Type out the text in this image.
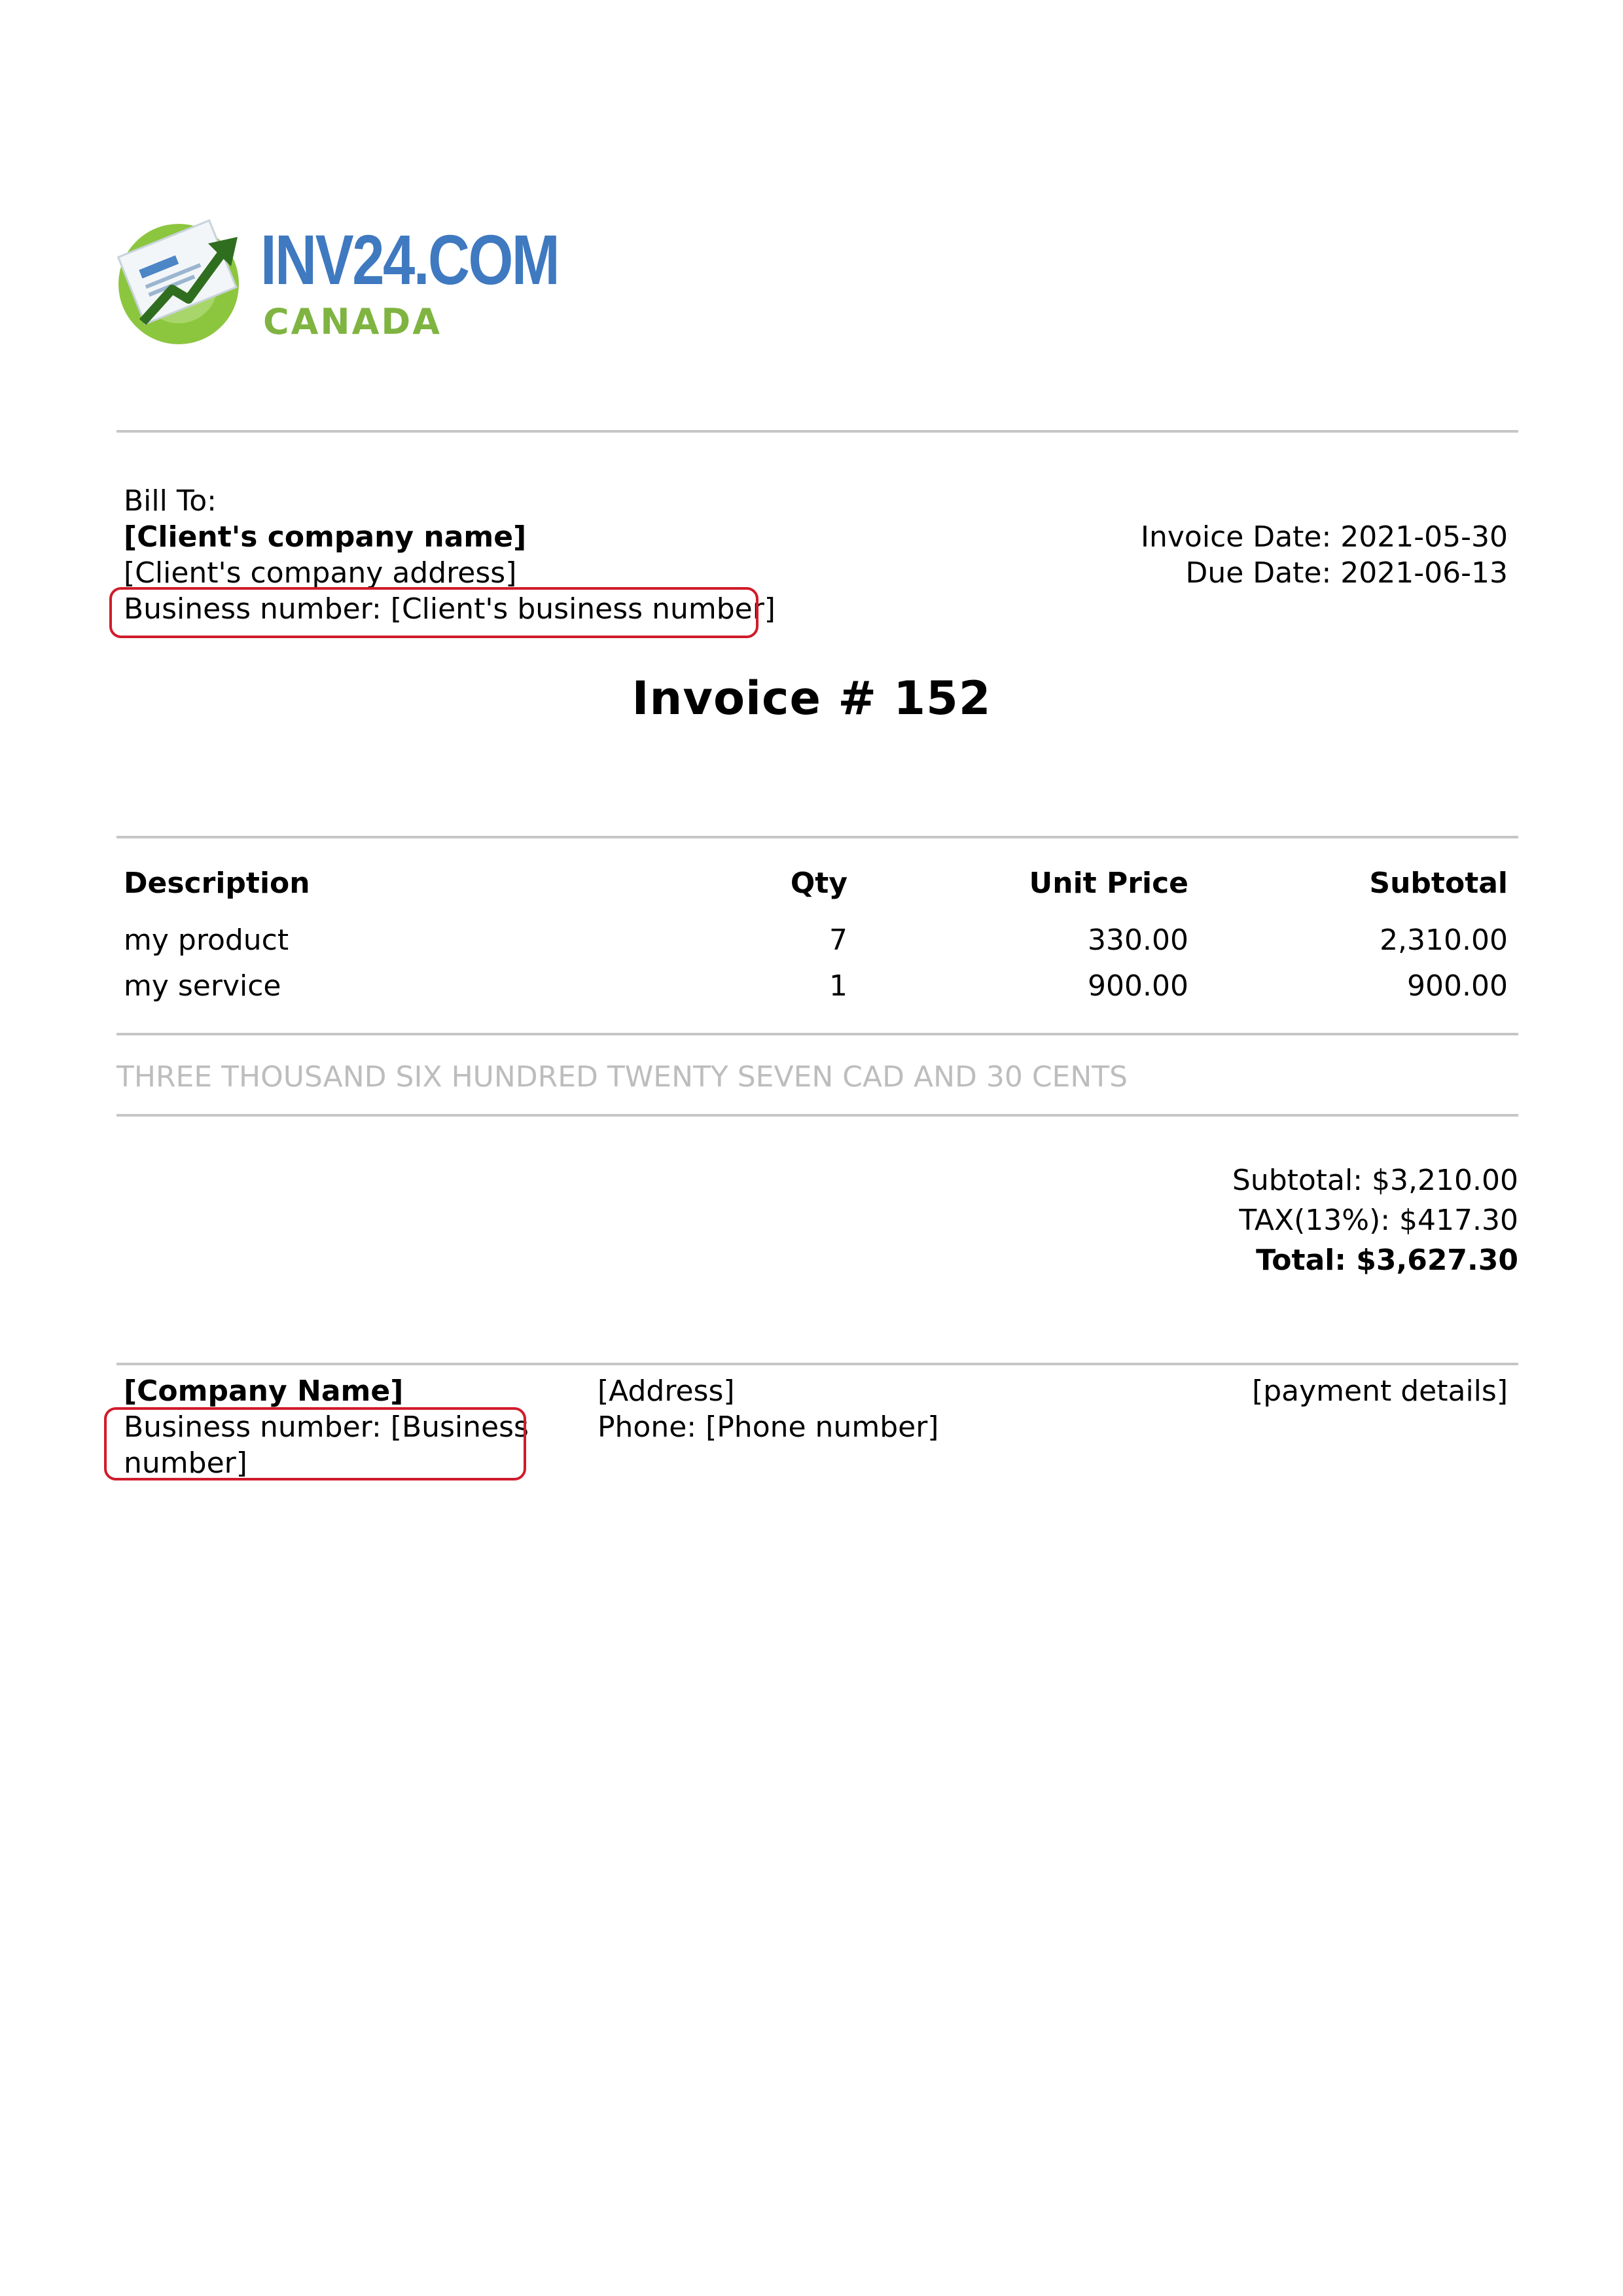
INV24.COM
CANADA
Bill To:
[Client's company name]
[Client's company address]
Business number: [Client's business number]
Invoice Date: 2021-05-30
Due Date: 2021-06-13
Invoice # 152
Description	Qty	Unit Price	Subtotal
my product	7	330.00	2,310.00
my service	1	900.00	900.00
THREE THOUSAND SIX HUNDRED TWENTY SEVEN CAD AND 30 CENTS
Subtotal: $3,210.00
TAX(13%): $417.30
Total: $3,627.30
[Company Name]
Business number: [Business
number]
[Address]
Phone: [Phone number]
[payment details]
